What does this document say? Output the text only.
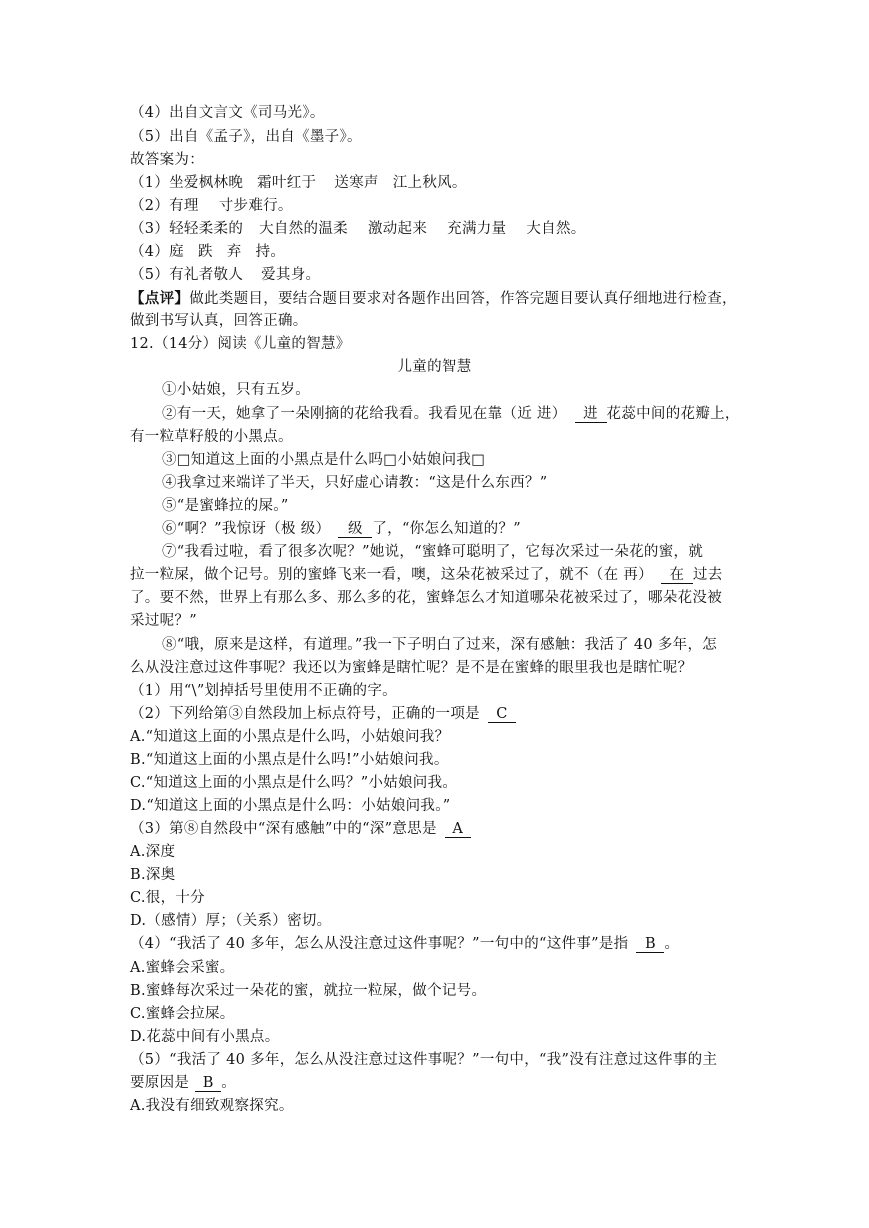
（4）出自文言文《司马光》。
（5）出自《孟子》，出自《墨子》。
故答案为：
（1）坐爱枫林晚 霜叶红于 送寒声 江上秋风。
（2）有理 寸步难行。
（3）轻轻柔柔的 大自然的温柔 激动起来 充满力量 大自然。
（4）庭 跌 弃 持。
（5）有礼者敬人 爱其身。
【点评】做此类题目，要结合题目要求对各题作出回答，作答完题目要认真仔细地进行检查，
做到书写认真，回答正确。
12.（14分）阅读《儿童的智慧》
儿童的智慧
①小姑娘，只有五岁。
②有一天，她拿了一朵刚摘的花给我看。我看见在靠（近 进） 进 花蕊中间的花瓣上，
有一粒草籽般的小黑点。
③□知道这上面的小黑点是什么吗□小姑娘问我□
④我拿过来端详了半天，只好虚心请教：“这是什么东西？”
⑤“是蜜蜂拉的屎。”
⑥“啊？”我惊讶（极 级） 级 了，“你怎么知道的？”
⑦“我看过啦，看了很多次呢？”她说，“蜜蜂可聪明了，它每次采过一朵花的蜜，就
拉一粒屎，做个记号。别的蜜蜂飞来一看，噢，这朵花被采过了，就不（在 再） 在 过去
了。要不然，世界上有那么多、那么多的花，蜜蜂怎么才知道哪朵花被采过了，哪朵花没被
采过呢？”
⑧“哦，原来是这样，有道理。”我一下子明白了过来，深有感触：我活了 40 多年，怎
么从没注意过这件事呢？我还以为蜜蜂是瞎忙呢？是不是在蜜蜂的眼里我也是瞎忙呢？
（1）用“\”划掉括号里使用不正确的字。
（2）下列给第③自然段加上标点符号，正确的一项是 C
A.“知道这上面的小黑点是什么吗，小姑娘问我？
B.“知道这上面的小黑点是什么吗!”小姑娘问我。
C.“知道这上面的小黑点是什么吗？”小姑娘问我。
D.“知道这上面的小黑点是什么吗：小姑娘问我。”
（3）第⑧自然段中“深有感触”中的“深”意思是 A
A.深度
B.深奥
C.很，十分
D.（感情）厚；（关系）密切。
（4）“我活了 40 多年，怎么从没注意过这件事呢？”一句中的“这件事”是指 B 。
A.蜜蜂会采蜜。
B.蜜蜂每次采过一朵花的蜜，就拉一粒屎，做个记号。
C.蜜蜂会拉屎。
D.花蕊中间有小黑点。
（5）“我活了 40 多年，怎么从没注意过这件事呢？”一句中，“我”没有注意过这件事的主
要原因是 B 。
A.我没有细致观察探究。
